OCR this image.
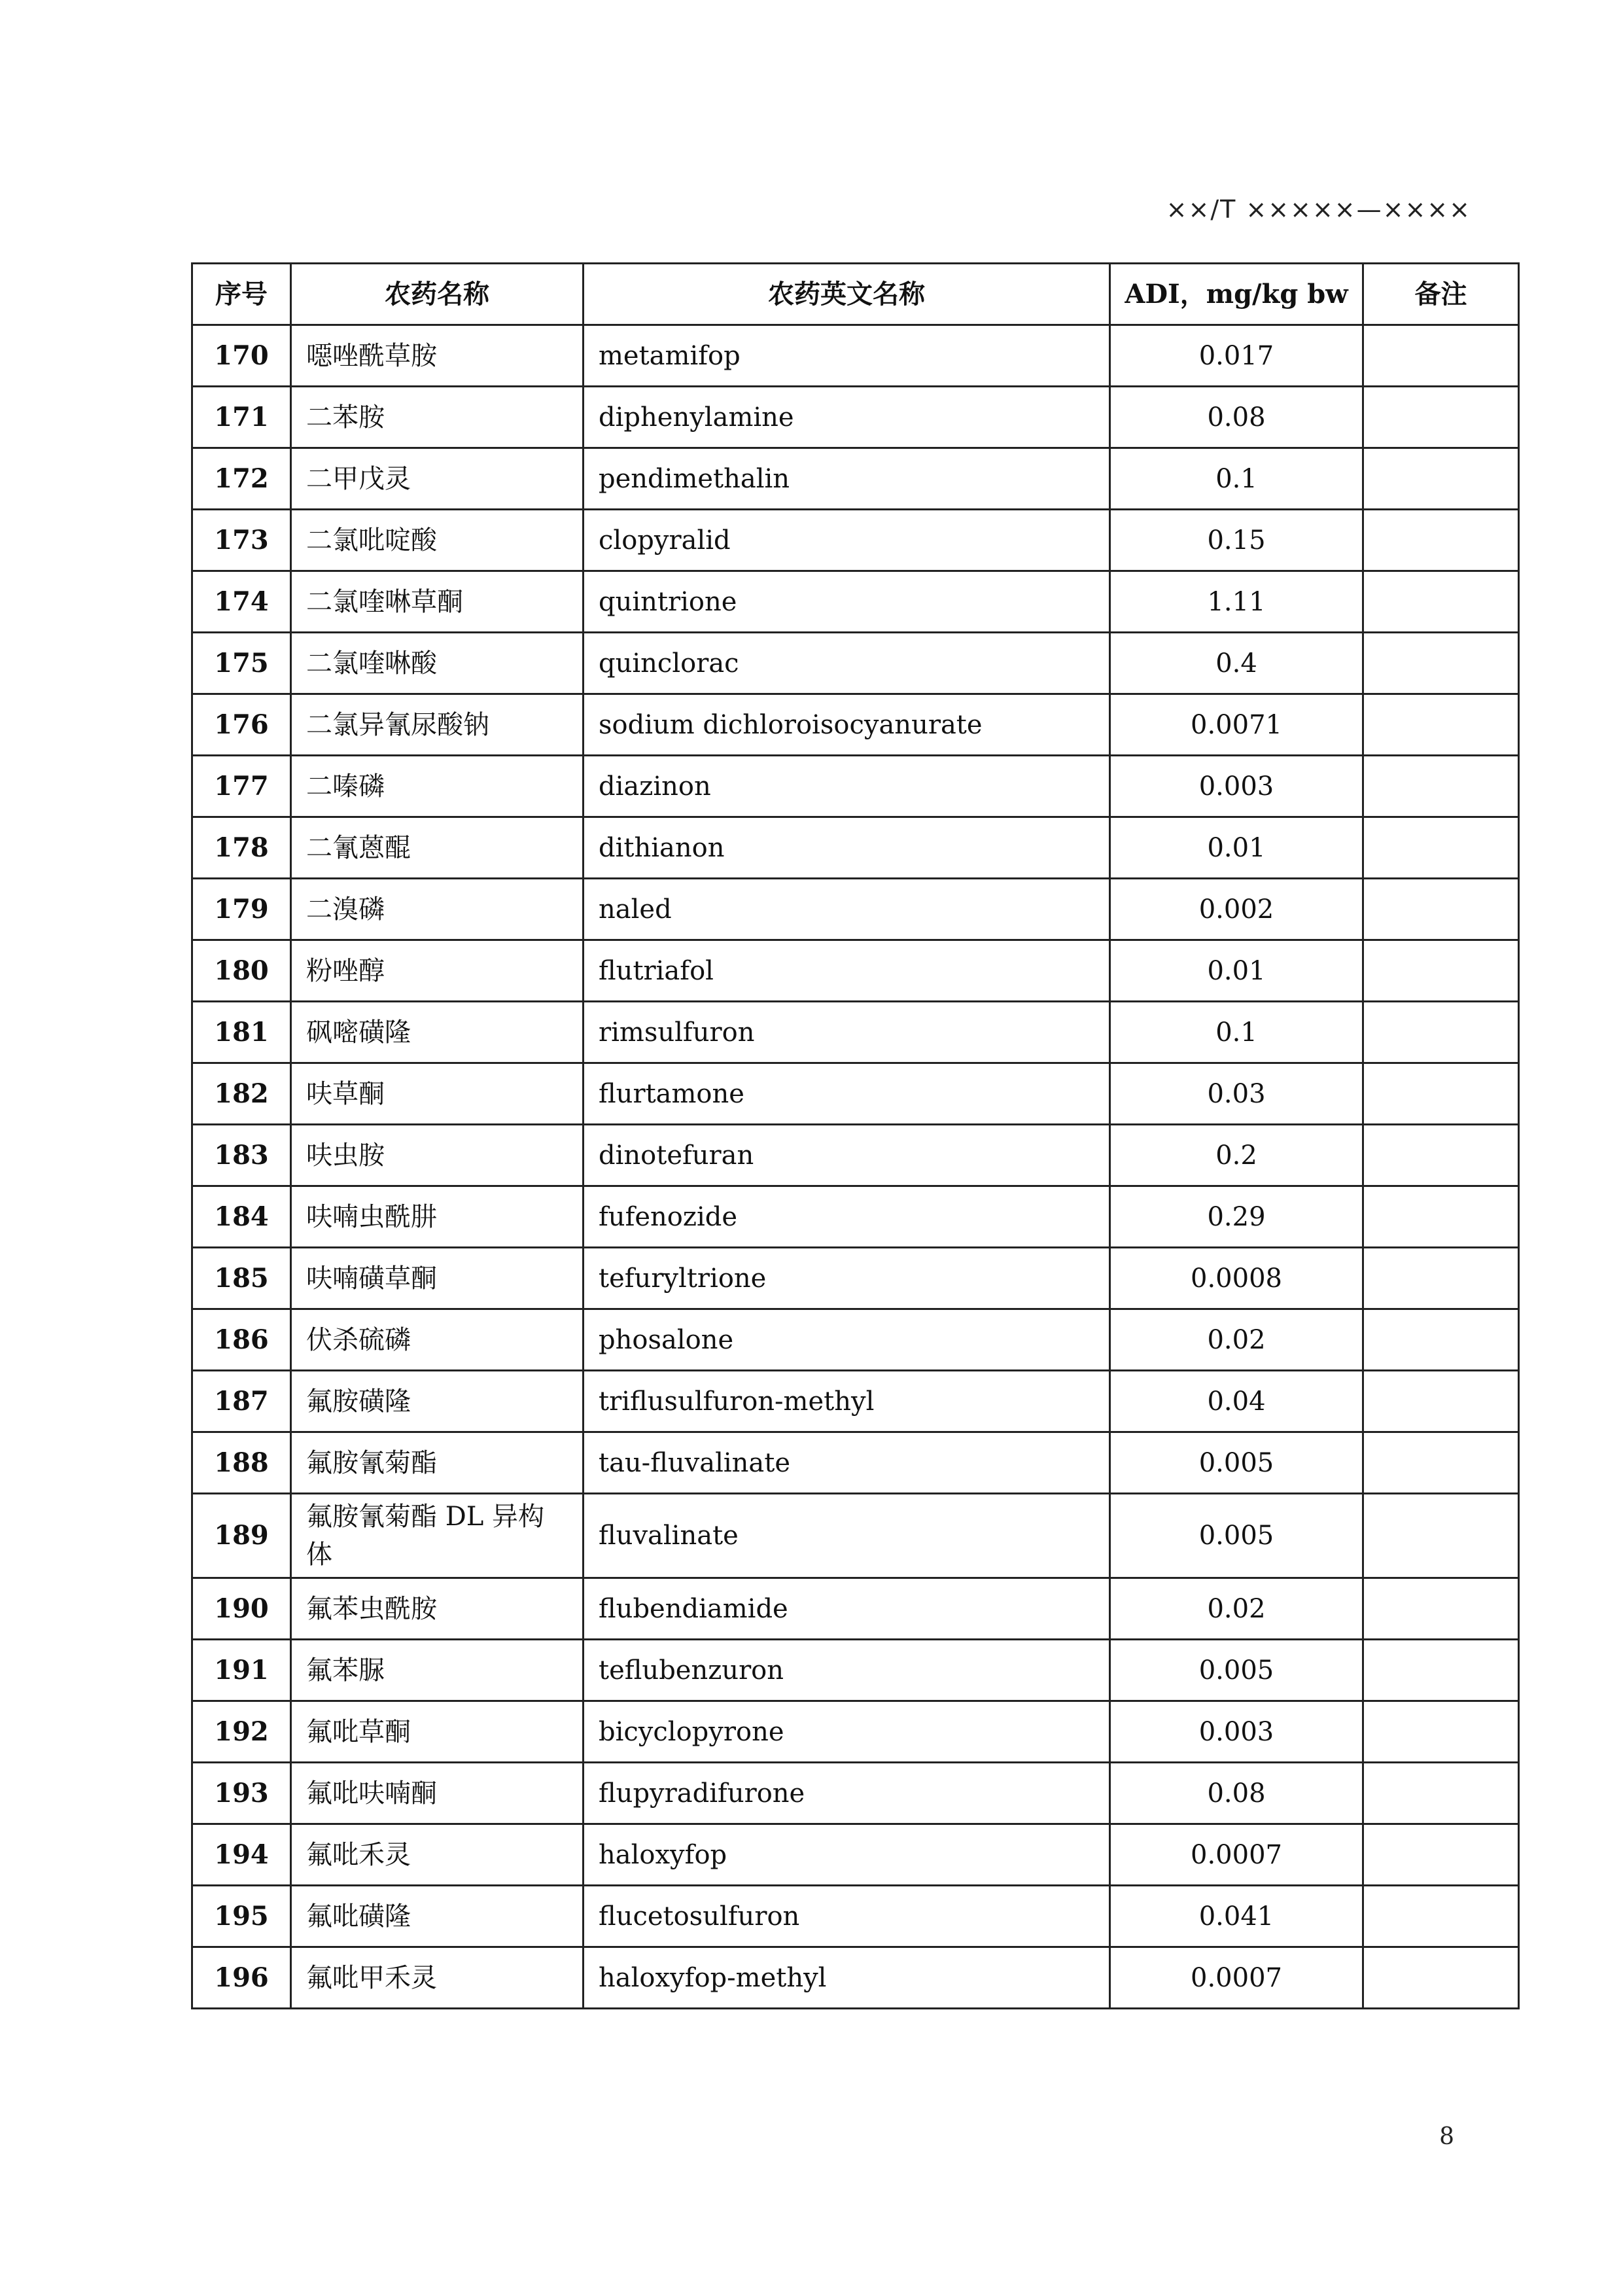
××/T ×××××—××××
序号	农药名称	农药英文名称	ADI，mg/kg bw	备注
170	噁唑酰草胺	metamifop	0.017	
171	二苯胺	diphenylamine	0.08	
172	二甲戊灵	pendimethalin	0.1	
173	二氯吡啶酸	clopyralid	0.15	
174	二氯喹啉草酮	quintrione	1.11	
175	二氯喹啉酸	quinclorac	0.4	
176	二氯异氰尿酸钠	sodium dichloroisocyanurate	0.0071	
177	二嗪磷	diazinon	0.003	
178	二氰蒽醌	dithianon	0.01	
179	二溴磷	naled	0.002	
180	粉唑醇	flutriafol	0.01	
181	砜嘧磺隆	rimsulfuron	0.1	
182	呋草酮	flurtamone	0.03	
183	呋虫胺	dinotefuran	0.2	
184	呋喃虫酰肼	fufenozide	0.29	
185	呋喃磺草酮	tefuryltrione	0.0008	
186	伏杀硫磷	phosalone	0.02	
187	氟胺磺隆	triflusulfuron-methyl	0.04	
188	氟胺氰菊酯	tau-fluvalinate	0.005	
189	氟胺氰菊酯 DL 异构体	fluvalinate	0.005	
190	氟苯虫酰胺	flubendiamide	0.02	
191	氟苯脲	teflubenzuron	0.005	
192	氟吡草酮	bicyclopyrone	0.003	
193	氟吡呋喃酮	flupyradifurone	0.08	
194	氟吡禾灵	haloxyfop	0.0007	
195	氟吡磺隆	flucetosulfuron	0.041	
196	氟吡甲禾灵	haloxyfop-methyl	0.0007	
8
